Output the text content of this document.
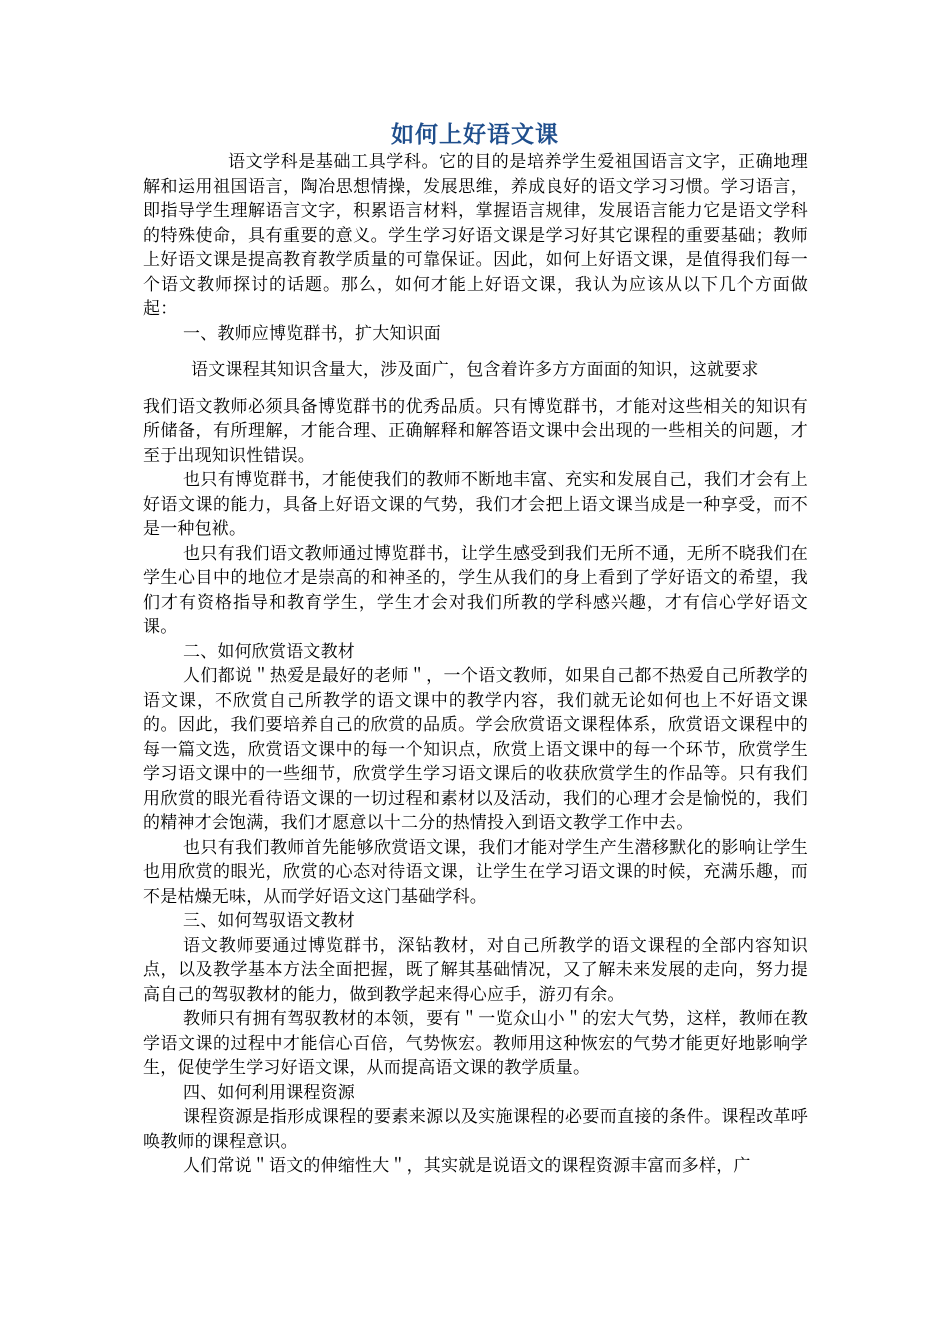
如何上好语文课

语文学科是基础工具学科。它的目的是培养学生爱祖国语言文字，正确地理解和运用祖国语言，陶冶思想情操，发展思维，养成良好的语文学习习惯。学习语言，即指导学生理解语言文字，积累语言材料，掌握语言规律，发展语言能力它是语文学科的特殊使命，具有重要的意义。学生学习好语文课是学习好其它课程的重要基础；教师上好语文课是提高教育教学质量的可靠保证。因此，如何上好语文课，是值得我们每一个语文教师探讨的话题。那么，如何才能上好语文课，我认为应该从以下几个方面做起：

一、教师应博览群书，扩大知识面

语文课程其知识含量大，涉及面广，包含着许多方方面面的知识，这就要求

我们语文教师必须具备博览群书的优秀品质。只有博览群书，才能对这些相关的知识有所储备，有所理解，才能合理、正确解释和解答语文课中会出现的一些相关的问题，才至于出现知识性错误。

也只有博览群书，才能使我们的教师不断地丰富、充实和发展自己，我们才会有上好语文课的能力，具备上好语文课的气势，我们才会把上语文课当成是一种享受，而不是一种包袱。

也只有我们语文教师通过博览群书，让学生感受到我们无所不通，无所不晓我们在学生心目中的地位才是崇高的和神圣的，学生从我们的身上看到了学好语文的希望，我们才有资格指导和教育学生，学生才会对我们所教的学科感兴趣，才有信心学好语文课。

二、如何欣赏语文教材

人们都说＂热爱是最好的老师＂，一个语文教师，如果自己都不热爱自己所教学的语文课，不欣赏自己所教学的语文课中的教学内容，我们就无论如何也上不好语文课的。因此，我们要培养自己的欣赏的品质。学会欣赏语文课程体系，欣赏语文课程中的每一篇文选，欣赏语文课中的每一个知识点，欣赏上语文课中的每一个环节，欣赏学生学习语文课中的一些细节，欣赏学生学习语文课后的收获欣赏学生的作品等。只有我们用欣赏的眼光看待语文课的一切过程和素材以及活动，我们的心理才会是愉悦的，我们的精神才会饱满，我们才愿意以十二分的热情投入到语文教学工作中去。

也只有我们教师首先能够欣赏语文课，我们才能对学生产生潜移默化的影响让学生也用欣赏的眼光，欣赏的心态对待语文课，让学生在学习语文课的时候，充满乐趣，而不是枯燥无味，从而学好语文这门基础学科。

三、如何驾驭语文教材

语文教师要通过博览群书，深钻教材，对自己所教学的语文课程的全部内容知识点，以及教学基本方法全面把握，既了解其基础情况，又了解未来发展的走向，努力提高自己的驾驭教材的能力，做到教学起来得心应手，游刃有余。

教师只有拥有驾驭教材的本领，要有＂一览众山小＂的宏大气势，这样，教师在教学语文课的过程中才能信心百倍，气势恢宏。教师用这种恢宏的气势才能更好地影响学生，促使学生学习好语文课，从而提高语文课的教学质量。

四、如何利用课程资源

课程资源是指形成课程的要素来源以及实施课程的必要而直接的条件。课程改革呼唤教师的课程意识。

人们常说＂语文的伸缩性大＂，其实就是说语文的课程资源丰富而多样，广
